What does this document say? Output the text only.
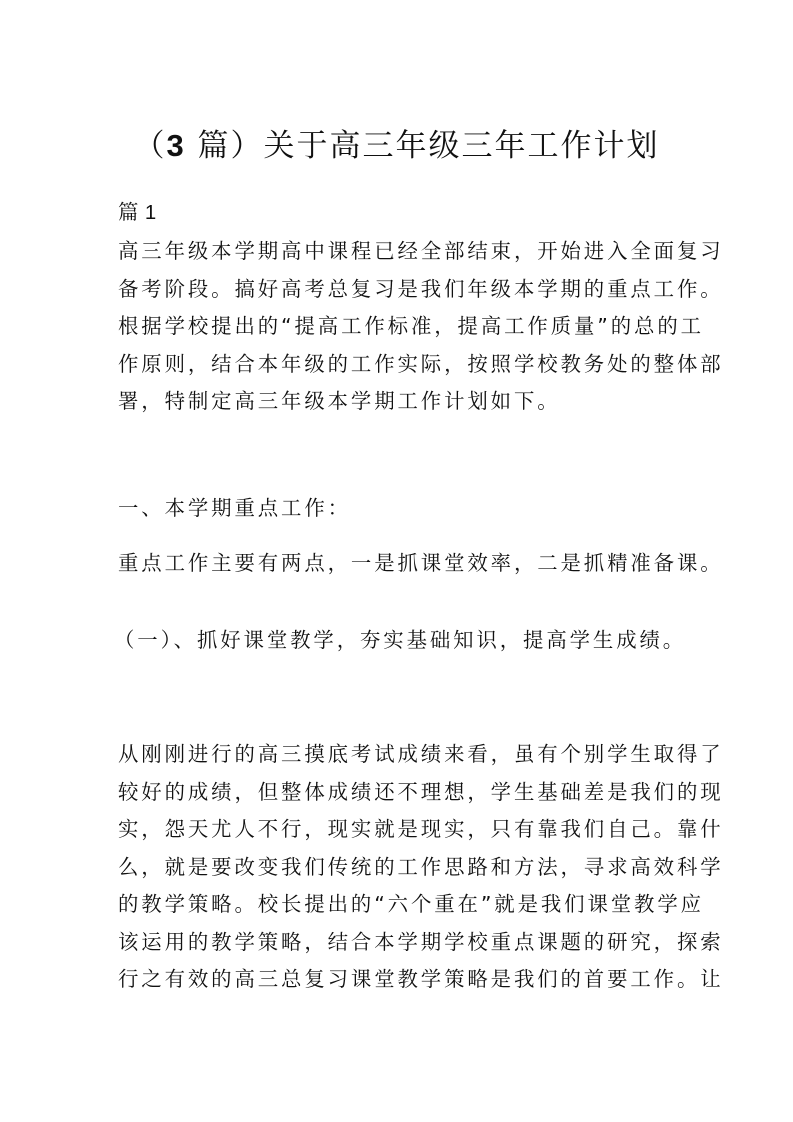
（3 篇）关于高三年级三年工作计划
篇 1
高三年级本学期高中课程已经全部结束，开始进入全面复习
备考阶段。搞好高考总复习是我们年级本学期的重点工作。
根据学校提出的“提高工作标准，提高工作质量”的总的工
作原则，结合本年级的工作实际，按照学校教务处的整体部
署，特制定高三年级本学期工作计划如下。
一、本学期重点工作：
重点工作主要有两点，一是抓课堂效率，二是抓精准备课。
（一）、抓好课堂教学，夯实基础知识，提高学生成绩。
从刚刚进行的高三摸底考试成绩来看，虽有个别学生取得了
较好的成绩，但整体成绩还不理想，学生基础差是我们的现
实，怨天尤人不行，现实就是现实，只有靠我们自己。靠什
么，就是要改变我们传统的工作思路和方法，寻求高效科学
的教学策略。校长提出的“六个重在”就是我们课堂教学应
该运用的教学策略，结合本学期学校重点课题的研究，探索
行之有效的高三总复习课堂教学策略是我们的首要工作。让
